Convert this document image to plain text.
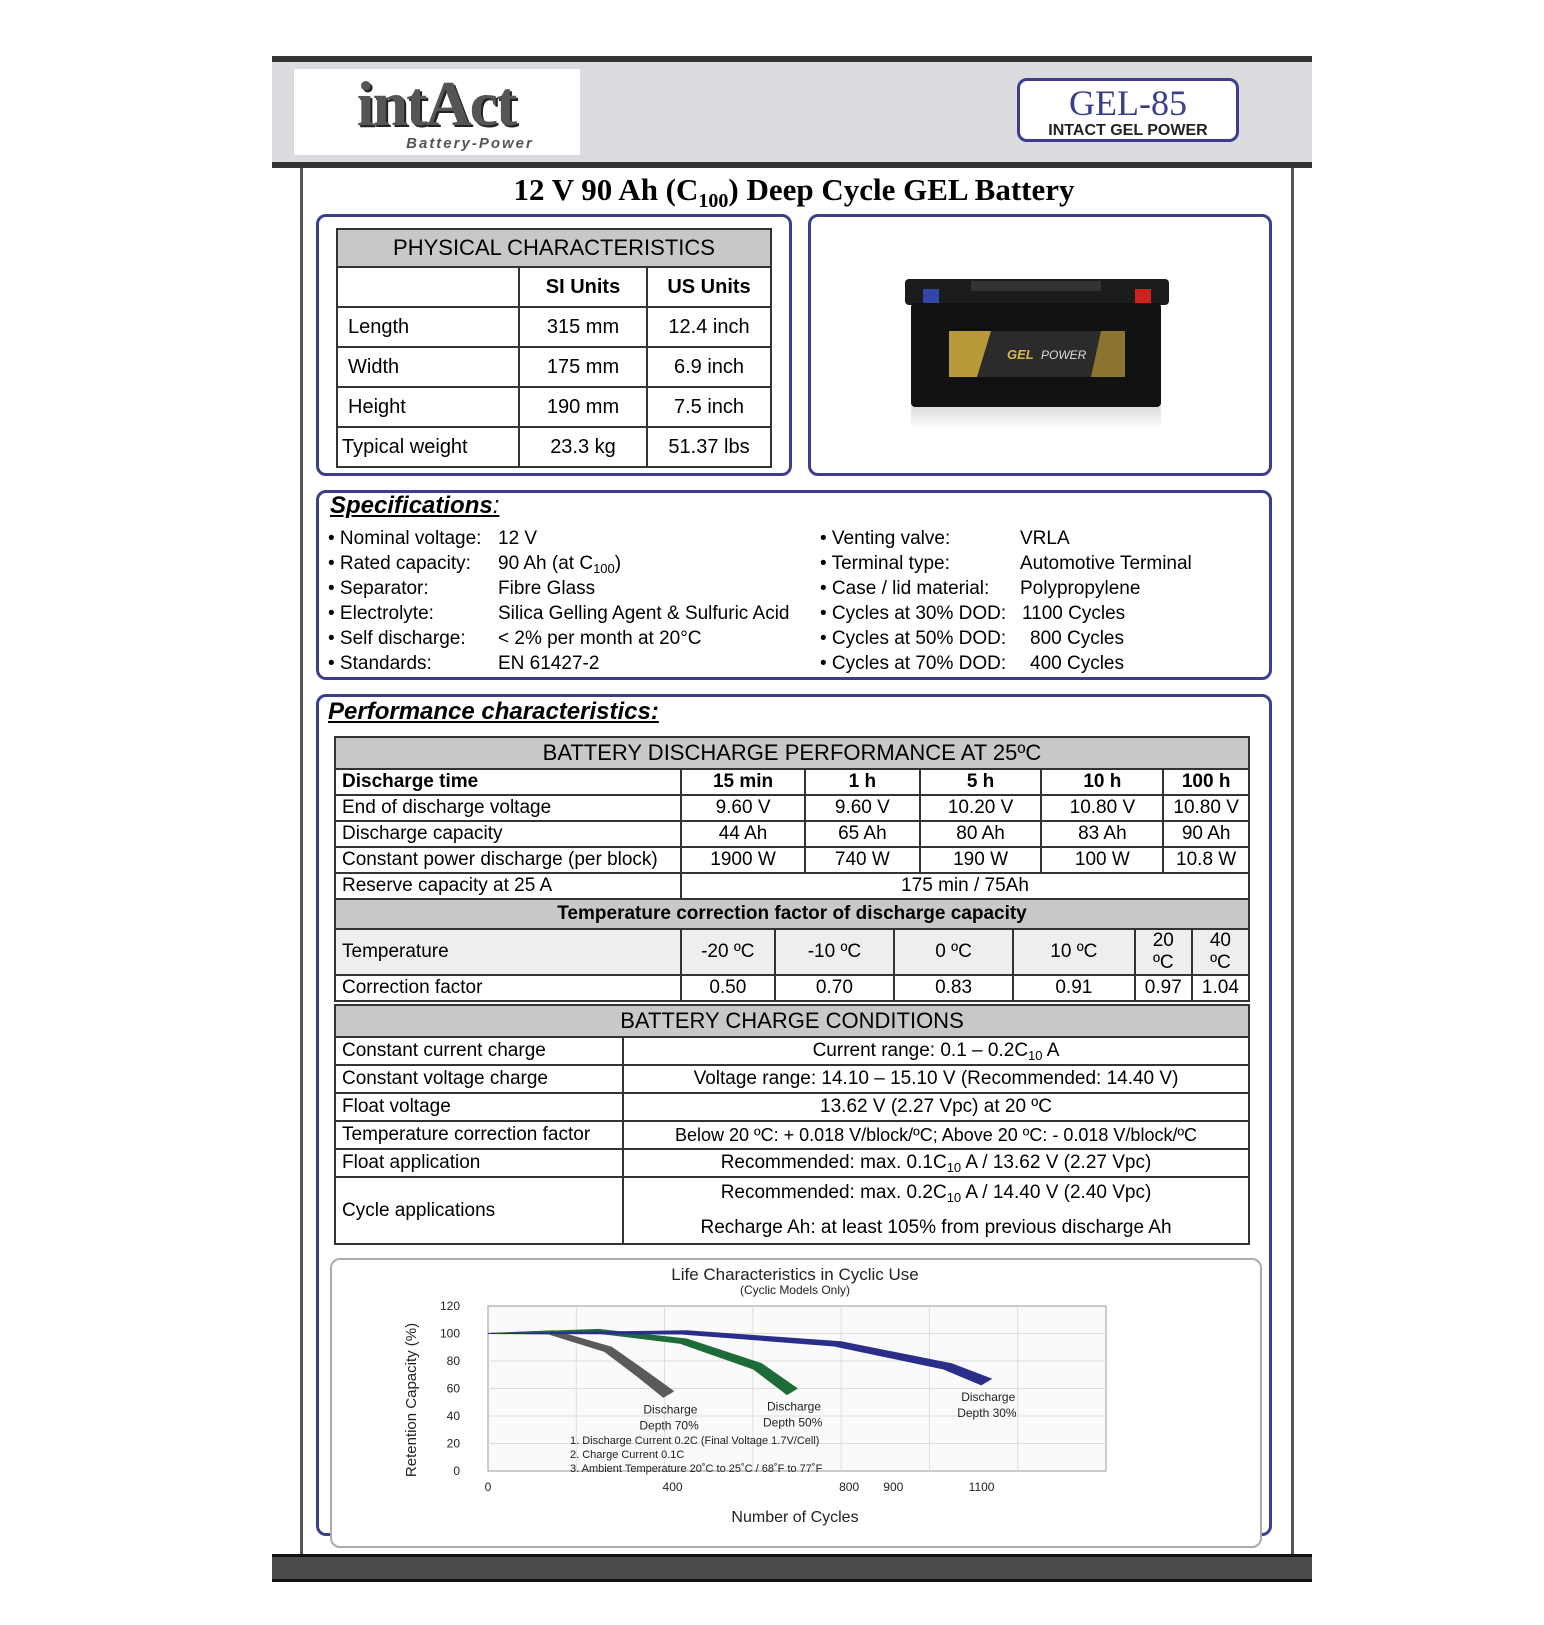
intAct
Battery-Power
GEL-85
INTACT GEL POWER
12 V 90 Ah $(C_{100})$ Deep Cycle GEL Battery
PHYSICAL CHARACTERISTICS		
	SI Units	US Units
Length	315 mm	12.4 inch
Width	175 mm	6.9 inch
Height	190 mm	7.5 inch
Typical weight	23.3 kg	51.37 lbs
GEL POWER
Specifications:
• Nominal voltage: 12 V
• Rated capacity: 90 Ah (at $C_{100}$)
• Separator:	Fibre Glass
• Electrolyte:	Silica Gelling Agent & Sulfuric Acid
• Self discharge: < 2% per month at 20°C
• Standards:	EN 61427-2
• Venting valve:	VRLA
• Terminal type:	Automotive Terminal
• Case / lid material: Polypropylene
• Cycles at 30% DOD: 1100 Cycles
• Cycles at 50% DOD: 800 Cycles
• Cycles at 70% DOD: 400 Cycles
Performance characteristics:
BATTERY DISCHARGE PERFORMANCE AT 25ºC										
Discharge time	15 min		1 h		5 h		10 h		100 h	
End of discharge voltage	9.60 V		9.60 V		10.20 V		10.80 V		10.80 V	
Discharge capacity	44 Ah		65 Ah		80 Ah		83 Ah		90 Ah	
Constant power discharge (per block)	1900 W		740 W		190 W		100 W		10.8 W	
Reserve capacity at 25 A	175 min / 75Ah									
Temperature correction factor of discharge capacity										
Temperature	-20 ºC	-10 ºC		0 ºC		10 ºC		20 ºC		40 ºC
Correction factor	0.50	0.70		0.83		0.91		0.97		1.04
BATTERY CHARGE CONDITIONS	
Constant current charge	Current range: $0.1 - 0.2C_{10}$ A
Constant voltage charge	Voltage range: 14.10 – 15.10 V (Recommended: 14.40 V)
Float voltage	13.62 V (2.27 Vpc) at 20 ºC
Temperature correction factor	Below 20 ºC: + 0.018 V/block/ºC; Above 20 ºC: - 0.018 V/block/ºC
Float application	Recommended: max. $0.1C_{10}$ A / 13.62 V (2.27 Vpc)
Cycle applications	Recommended: max. $0.2C_{10}$ A / 14.40 V (2.40 Vpc)
Recharge Ah: at least 105% from previous discharge Ah
0
20
40
60
80
100
120
0	400	800 900	1100
Discharge
Depth 70%
Discharge
Depth 50%
Discharge
Depth 30%
1. Discharge Current 0.2C (Final Voltage 1.7V/Cell)
2. Charge Current 0.1C
3. Ambient Temperature 20˚C to 25˚C / 68˚F to 77˚F
Life Characteristics in Cyclic Use
(Cyclic Models Only)
Number of Cycles
Retention Capacity (%)
